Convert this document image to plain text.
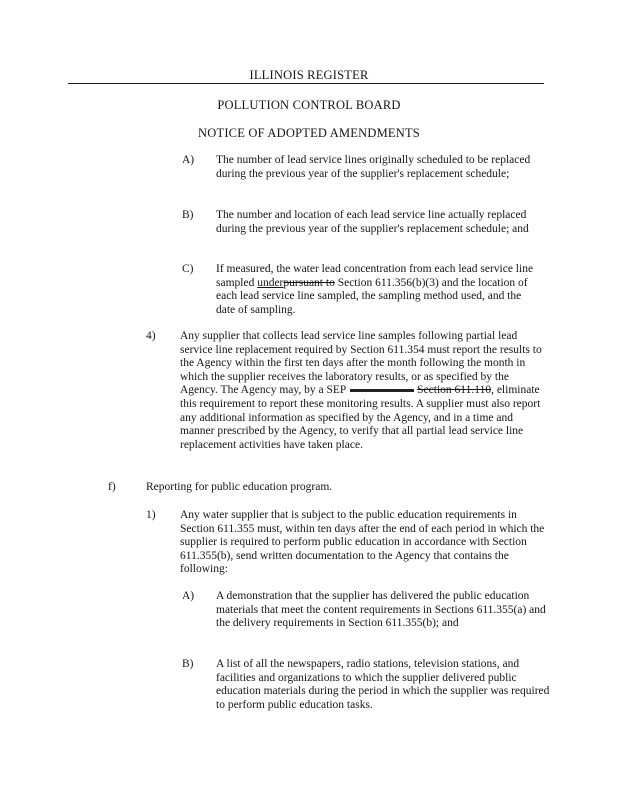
ILLINOIS REGISTER
POLLUTION CONTROL BOARD
NOTICE OF ADOPTED AMENDMENTS
A) The number of lead service lines originally scheduled to be replaced during the previous year of the supplier's replacement schedule;

B) The number and location of each lead service line actually replaced during the previous year of the supplier's replacement schedule; and

C) If measured, the water lead concentration from each lead service line sampled underpursuant to Section 611.356(b)(3) and the location of each lead service line sampled, the sampling method used, and the date of sampling.

4) Any supplier that collects lead service line samples following partial lead service line replacement required by Section 611.354 must report the results to the Agency within the first ten days after the month following the month in which the supplier receives the laboratory results, or as specified by the Agency. The Agency may, by a SEP	Section 611.110, eliminate this requirement to report these monitoring results. A supplier must also report any additional information as specified by the Agency, and in a time and manner prescribed by the Agency, to verify that all partial lead service line replacement activities have taken place.

f)	Reporting for public education program.

1) Any water supplier that is subject to the public education requirements in Section 611.355 must, within ten days after the end of each period in which the supplier is required to perform public education in accordance with Section 611.355(b), send written documentation to the Agency that contains the following:

A) A demonstration that the supplier has delivered the public education materials that meet the content requirements in Sections 611.355(a) and the delivery requirements in Section 611.355(b); and

B) A list of all the newspapers, radio stations, television stations, and facilities and organizations to which the supplier delivered public education materials during the period in which the supplier was required to perform public education tasks.
